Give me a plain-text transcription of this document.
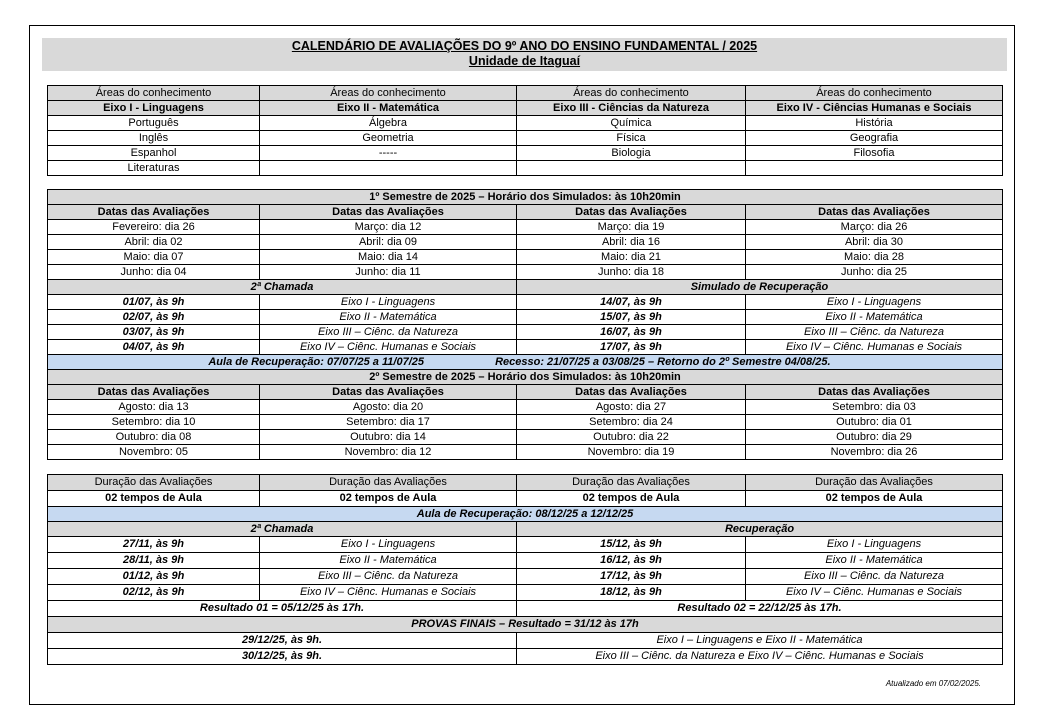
CALENDÁRIO DE AVALIAÇÕES DO 9º ANO DO ENSINO FUNDAMENTAL / 2025
Unidade de Itaguaí
Áreas do conhecimento	Áreas do conhecimento	Áreas do conhecimento	Áreas do conhecimento
Eixo I - Linguagens	Eixo II - Matemática	Eixo III - Ciências da Natureza	Eixo IV - Ciências Humanas e Sociais
Português	Álgebra	Química	História
Inglês	Geometria	Física	Geografia
Espanhol	-----	Biologia	Filosofia
Literaturas			
1º Semestre de 2025 – Horário dos Simulados: às 10h20min			
Datas das Avaliações	Datas das Avaliações	Datas das Avaliações	Datas das Avaliações
Fevereiro: dia 26	Março: dia 12	Março: dia 19	Março: dia 26
Abril: dia 02	Abril: dia 09	Abril: dia 16	Abril: dia 30
Maio: dia 07	Maio: dia 14	Maio: dia 21	Maio: dia 28
Junho: dia 04	Junho: dia 11	Junho: dia 18	Junho: dia 25
2ª Chamada		Simulado de Recuperação	
01/07, às 9h	Eixo I - Linguagens	14/07, às 9h	Eixo I - Linguagens
02/07, às 9h	Eixo II - Matemática	15/07, às 9h	Eixo II - Matemática
03/07, às 9h	Eixo III – Ciênc. da Natureza	16/07, às 9h	Eixo III – Ciênc. da Natureza
04/07, às 9h	Eixo IV – Ciênc. Humanas e Sociais	17/07, às 9h	Eixo IV – Ciênc. Humanas e Sociais
Aula de Recuperação: 07/07/25 a 11/07/25 Recesso: 21/07/25 a 03/08/25 – Retorno do 2º Semestre 04/08/25.			
2º Semestre de 2025 – Horário dos Simulados: às 10h20min			
Datas das Avaliações	Datas das Avaliações	Datas das Avaliações	Datas das Avaliações
Agosto: dia 13	Agosto: dia 20	Agosto: dia 27	Setembro: dia 03
Setembro: dia 10	Setembro: dia 17	Setembro: dia 24	Outubro: dia 01
Outubro: dia 08	Outubro: dia 14	Outubro: dia 22	Outubro: dia 29
Novembro: 05	Novembro: dia 12	Novembro: dia 19	Novembro: dia 26
Duração das Avaliações	Duração das Avaliações	Duração das Avaliações	Duração das Avaliações
02 tempos de Aula	02 tempos de Aula	02 tempos de Aula	02 tempos de Aula
Aula de Recuperação: 08/12/25 a 12/12/25			
2ª Chamada		Recuperação	
27/11, às 9h	Eixo I - Linguagens	15/12, às 9h	Eixo I - Linguagens
28/11, às 9h	Eixo II - Matemática	16/12, às 9h	Eixo II - Matemática
01/12, às 9h	Eixo III – Ciênc. da Natureza	17/12, às 9h	Eixo III – Ciênc. da Natureza
02/12, às 9h	Eixo IV – Ciênc. Humanas e Sociais	18/12, às 9h	Eixo IV – Ciênc. Humanas e Sociais
Resultado 01 = 05/12/25 às 17h.		Resultado 02 = 22/12/25 às 17h.	
PROVAS FINAIS – Resultado = 31/12 às 17h			
29/12/25, às 9h.		Eixo I – Linguagens e Eixo II - Matemática	
30/12/25, às 9h.		Eixo III – Ciênc. da Natureza e Eixo IV – Ciênc. Humanas e Sociais	
Atualizado em 07/02/2025.
